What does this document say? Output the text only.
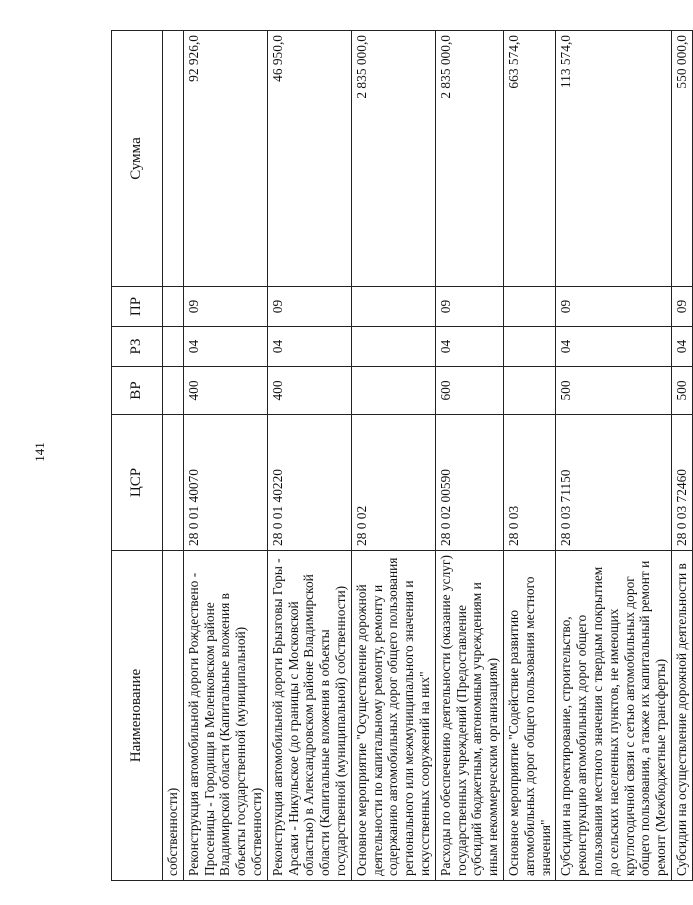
141
Наименование	ЦСР	ВР	РЗ	ПР	Сумма
собственности)					
Реконструкция автомобильной дороги Рождествено - Просеницы - Городищи в Меленковском районе Владимирской области (Капитальные вложения в объекты государственной (муниципальной) собственности)	28 0 01 40070	400	04	09	92 926,0
Реконструкция автомобильной дороги Брызговы Горы - Арсаки - Никульское (до границы с Московской областью) в Александровском районе Владимирской области (Капитальные вложения в объекты государственной (муниципальной) собственности)	28 0 01 40220	400	04	09	46 950,0
Основное мероприятие "Осуществление дорожной деятельности по капитальному ремонту, ремонту и содержанию автомобильных дорог общего пользования регионального или межмуниципального значения и искусственных сооружений на них"	28 0 02				2 835 000,0
Расходы по обеспечению деятельности (оказание услуг) государственных учреждений (Предоставление субсидий бюджетным, автономным учреждениям и иным некоммерческим организациям)	28 0 02 00590	600	04	09	2 835 000,0
Основное мероприятие "Содействие развитию автомобильных дорог общего пользования местного значения"	28 0 03				663 574,0
Субсидии на проектирование, строительство, реконструкцию автомобильных дорог общего пользования местного значения с твердым покрытием до сельских населенных пунктов, не имеющих круглогодичной связи с сетью автомобильных дорог общего пользования, а также их капитальный ремонт и ремонт (Межбюджетные трансферты)	28 0 03 71150	500	04	09	113 574,0
Субсидии на осуществление дорожной деятельности в	28 0 03 72460	500	04	09	550 000,0
